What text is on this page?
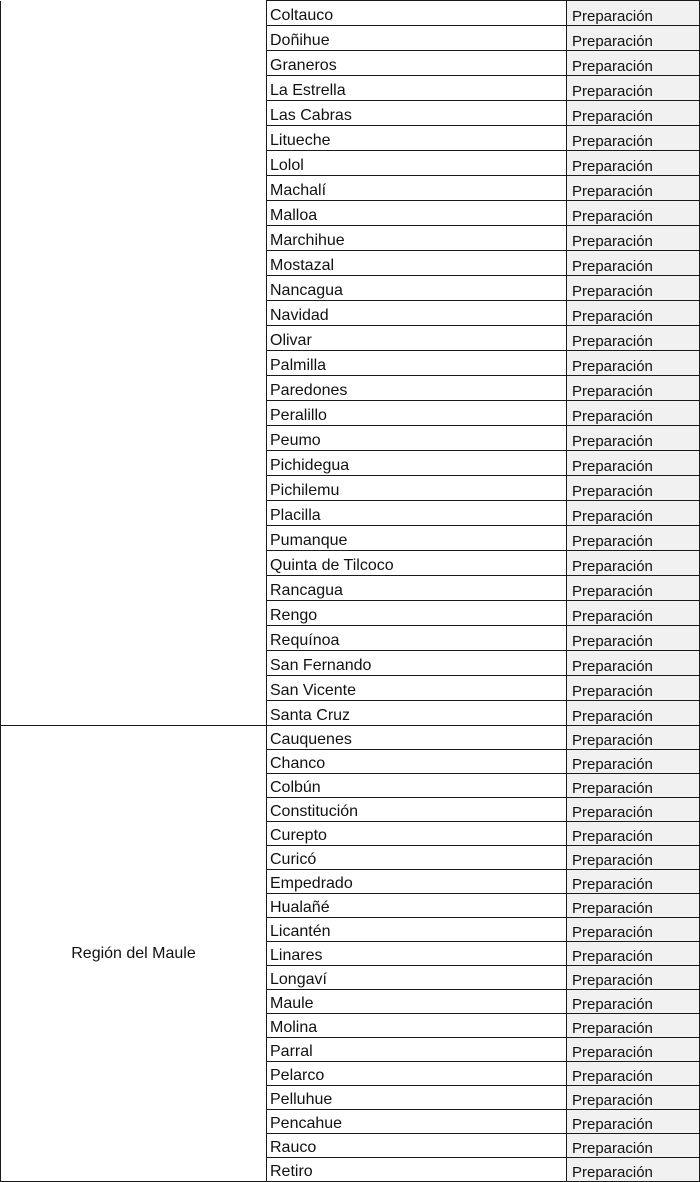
	Coltauco	Preparación
	Doñihue	Preparación
	Graneros	Preparación
	La Estrella	Preparación
	Las Cabras	Preparación
	Litueche	Preparación
	Lolol	Preparación
	Machalí	Preparación
	Malloa	Preparación
	Marchihue	Preparación
	Mostazal	Preparación
	Nancagua	Preparación
	Navidad	Preparación
	Olivar	Preparación
	Palmilla	Preparación
	Paredones	Preparación
	Peralillo	Preparación
	Peumo	Preparación
	Pichidegua	Preparación
	Pichilemu	Preparación
	Placilla	Preparación
	Pumanque	Preparación
	Quinta de Tilcoco	Preparación
	Rancagua	Preparación
	Rengo	Preparación
	Requínoa	Preparación
	San Fernando	Preparación
	San Vicente	Preparación
	Santa Cruz	Preparación
Región del Maule	Cauquenes	Preparación
	Chanco	Preparación
	Colbún	Preparación
	Constitución	Preparación
	Curepto	Preparación
	Curicó	Preparación
	Empedrado	Preparación
	Hualañé	Preparación
	Licantén	Preparación
	Linares	Preparación
	Longaví	Preparación
	Maule	Preparación
	Molina	Preparación
	Parral	Preparación
	Pelarco	Preparación
	Pelluhue	Preparación
	Pencahue	Preparación
	Rauco	Preparación
	Retiro	Preparación
